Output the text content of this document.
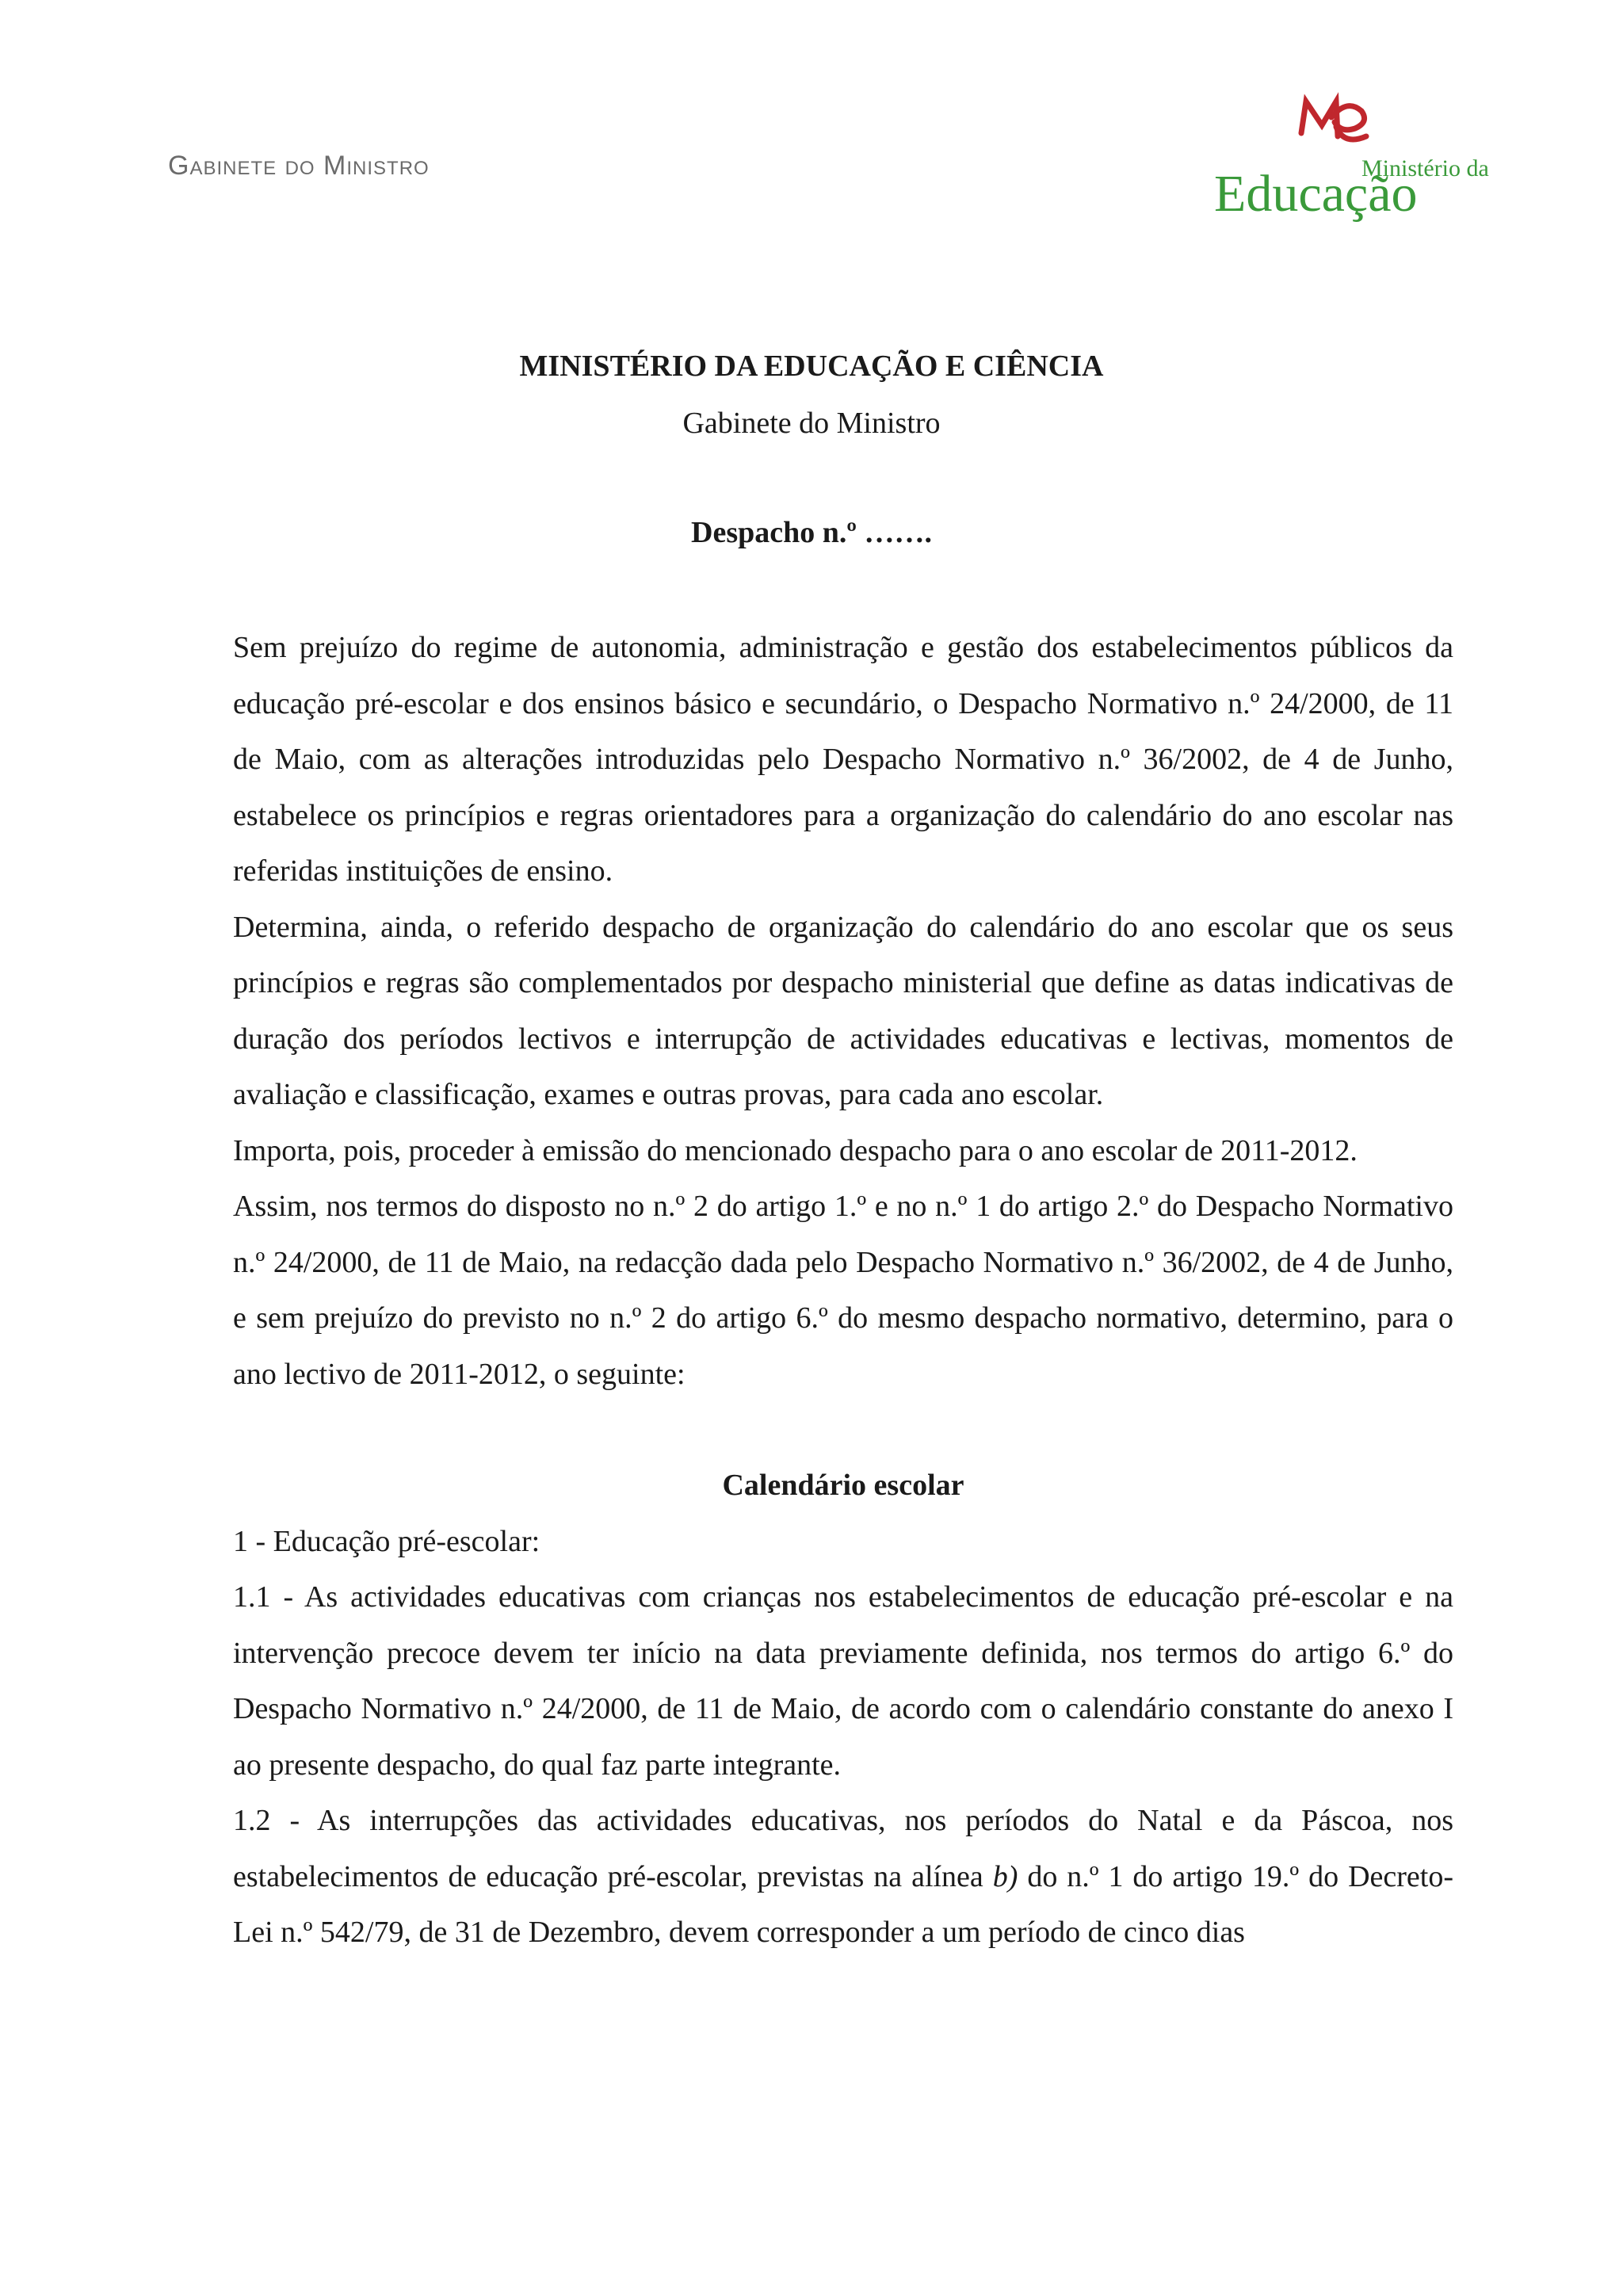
Gabinete do Ministro	Ministério da
Educação
MINISTÉRIO DA EDUCAÇÃO E CIÊNCIA
Gabinete do Ministro
Despacho n.º …….

Sem prejuízo do regime de autonomia, administração e gestão dos estabelecimentos públicos da educação pré-escolar e dos ensinos básico e secundário, o Despacho Normativo n.º 24/2000, de 11 de Maio, com as alterações introduzidas pelo Despacho Normativo n.º 36/2002, de 4 de Junho, estabelece os princípios e regras orientadores para a organização do calendário do ano escolar nas referidas instituições de ensino.

Determina, ainda, o referido despacho de organização do calendário do ano escolar que os seus princípios e regras são complementados por despacho ministerial que define as datas indicativas de duração dos períodos lectivos e interrupção de actividades educativas e lectivas, momentos de avaliação e classificação, exames e outras provas, para cada ano escolar.

Importa, pois, proceder à emissão do mencionado despacho para o ano escolar de 2011-2012.

Assim, nos termos do disposto no n.º 2 do artigo 1.º e no n.º 1 do artigo 2.º do Despacho Normativo n.º 24/2000, de 11 de Maio, na redacção dada pelo Despacho Normativo n.º 36/2002, de 4 de Junho, e sem prejuízo do previsto no n.º 2 do artigo 6.º do mesmo despacho normativo, determino, para o ano lectivo de 2011-2012, o seguinte:

Calendário escolar

1 - Educação pré-escolar:

1.1 - As actividades educativas com crianças nos estabelecimentos de educação pré-escolar e na intervenção precoce devem ter início na data previamente definida, nos termos do artigo 6.º do Despacho Normativo n.º 24/2000, de 11 de Maio, de acordo com o calendário constante do anexo I ao presente despacho, do qual faz parte integrante.

1.2 - As interrupções das actividades educativas, nos períodos do Natal e da Páscoa, nos estabelecimentos de educação pré-escolar, previstas na alínea b) do n.º 1 do artigo 19.º do Decreto-Lei n.º 542/79, de 31 de Dezembro, devem corresponder a um período de cinco dias
